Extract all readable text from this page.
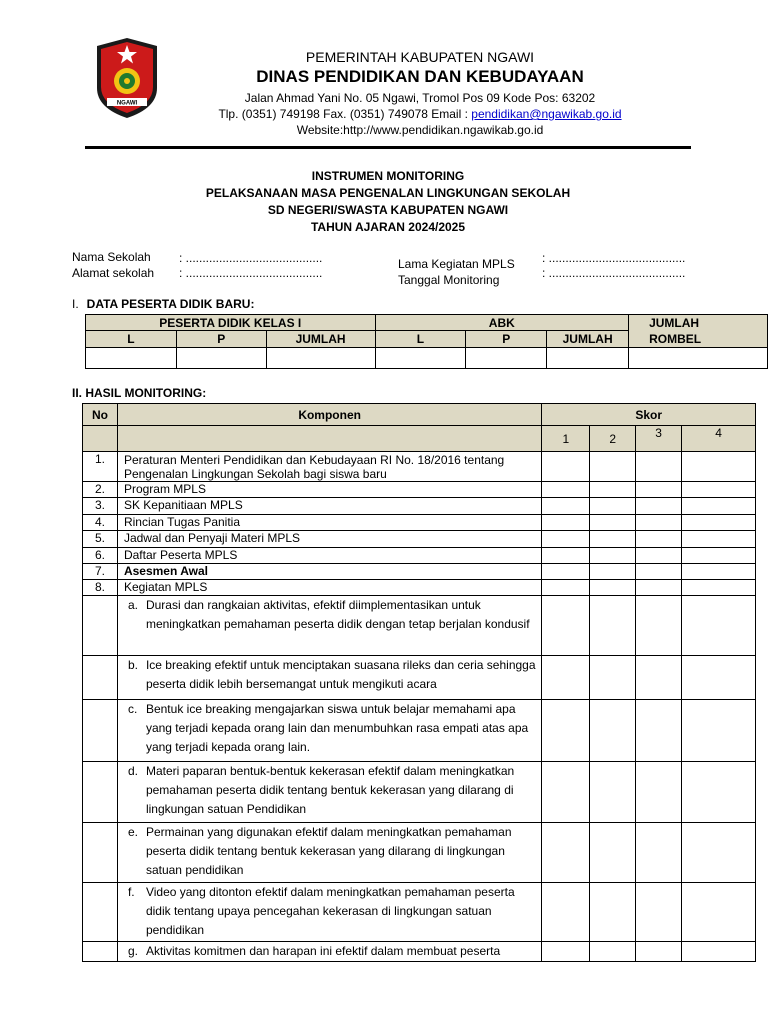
NGAWI
PEMERINTAH KABUPATEN NGAWI
DINAS PENDIDIKAN DAN KEBUDAYAAN
Jalan Ahmad Yani No. 05 Ngawi, Tromol Pos 09 Kode Pos: 63202
Tlp. (0351) 749198 Fax. (0351) 749078 Email : pendidikan@ngawikab.go.id
Website:http://www.pendidikan.ngawikab.go.id
INSTRUMEN MONITORING
PELAKSANAAN MASA PENGENALAN LINGKUNGAN SEKOLAH
SD NEGERI/SWASTA KABUPATEN NGAWI
TAHUN AJARAN 2024/2025
Nama Sekolah : .........................................
Alamat sekolah : .........................................
Lama Kegiatan MPLS : .........................................
Tanggal Monitoring	: .........................................
I. DATA PESERTA DIDIK BARU:
PESERTA DIDIK KELAS I			ABK			JUMLAH
ROMBEL
L	P	JUMLAH	L	P	JUMLAH	

II. HASIL MONITORING:
No	Komponen	Skor			
		1	2	3	4
1.	Peraturan Menteri Pendidikan dan Kebudayaan RI No. 18/2016 tentang Pengenalan Lingkungan Sekolah bagi siswa baru				
2.	Program MPLS				
3.	SK Kepanitiaan MPLS				
4.	Rincian Tugas Panitia				
5.	Jadwal dan Penyaji Materi MPLS				
6.	Daftar Peserta MPLS				
7.	Asesmen Awal				
8.	Kegiatan MPLS				

	a. Durasi dan rangkaian aktivitas, efektif diimplementasikan untuk meningkatkan pemahaman peserta didik dengan tetap berjalan kondusif				

	b. Ice breaking efektif untuk menciptakan suasana rileks dan ceria sehingga peserta didik lebih bersemangat untuk mengikuti acara				

	c. Bentuk ice breaking mengajarkan siswa untuk belajar memahami apa yang terjadi kepada orang lain dan menumbuhkan rasa empati atas apa yang terjadi kepada orang lain.				

	d. Materi paparan bentuk-bentuk kekerasan efektif dalam meningkatkan pemahaman peserta didik tentang bentuk kekerasan yang dilarang di lingkungan satuan Pendidikan				

	e. Permainan yang digunakan efektif dalam meningkatkan pemahaman peserta didik tentang bentuk kekerasan yang dilarang di lingkungan satuan pendidikan				

	f. Video yang ditonton efektif dalam meningkatkan pemahaman peserta didik tentang upaya pencegahan kekerasan di lingkungan satuan pendidikan				

	g. Aktivitas komitmen dan harapan ini efektif dalam membuat peserta				
